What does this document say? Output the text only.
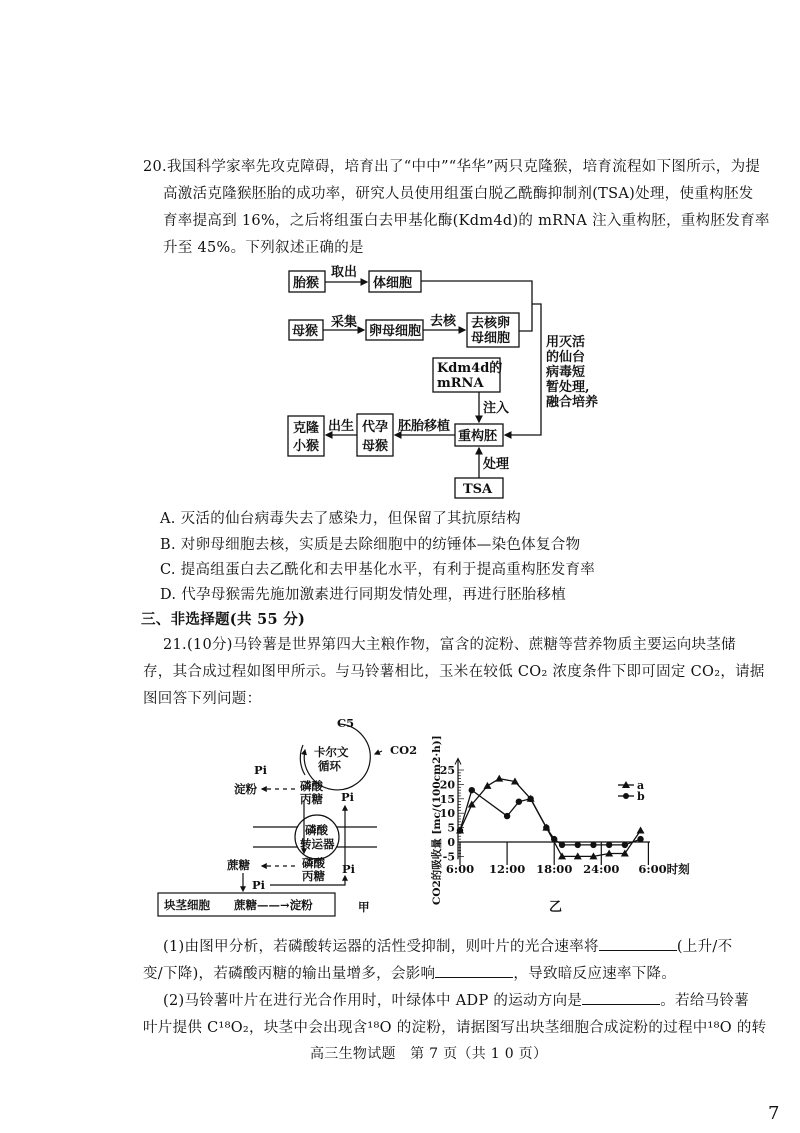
20.我国科学家率先攻克障碍，培育出了“中中”“华华”两只克隆猴，培育流程如下图所示，为提
高激活克隆猴胚胎的成功率，研究人员使用组蛋白脱乙酰酶抑制剂(TSA)处理，使重构胚发
育率提高到 16%，之后将组蛋白去甲基化酶(Kdm4d)的 mRNA 注入重构胚，重构胚发育率
升至 45%。下列叙述正确的是
胎猴
取出
体细胞
母猴
采集
卵母细胞
去核 去核卵
母细胞	用灭活
的仙台
病毒短
暂处理,
融合培养
Kdm4d的
mRNA
注入
重构胚
胚胎移植
代孕
母猴
出生
克隆
小猴
处理
TSA
A. 灭活的仙台病毒失去了感染力，但保留了其抗原结构
B. 对卵母细胞去核，实质是去除细胞中的纺锤体—染色体复合物
C. 提高组蛋白去乙酰化和去甲基化水平，有利于提高重构胚发育率
D. 代孕母猴需先施加激素进行同期发情处理，再进行胚胎移植
三、非选择题(共 55 分)
21.(10分)马铃薯是世界第四大主粮作物，富含的淀粉、蔗糖等营养物质主要运向块茎储
存，其合成过程如图甲所示。与马铃薯相比，玉米在较低 CO₂ 浓度条件下即可固定 CO₂，请据
图回答下列问题：
C5
卡尔文
循环
CO2
Pi
淀粉	磷酸
丙糖 Pi
磷酸
转运器
磷酸
丙糖
蔗糖	Pi
Pi
块茎细胞 蔗糖——→淀粉	甲
25
20
15
10
5
0
-5
6:00 12:00 18:00 24:00 6:00时刻
CO2的吸收量 [mc/(100cm2·h)]
乙
a
b
(1)由图甲分析，若磷酸转运器的活性受抑制，则叶片的光合速率将	(上升/不
变/下降)，若磷酸丙糖的输出量增多，会影响	，导致暗反应速率下降。
(2)马铃薯叶片在进行光合作用时，叶绿体中 ADP 的运动方向是	。若给马铃薯
叶片提供 C¹⁸O₂，块茎中会出现含¹⁸O 的淀粉，请据图写出块茎细胞合成淀粉的过程中¹⁸O 的转
高三生物试题　第 7 页（共 1 0 页）
7
